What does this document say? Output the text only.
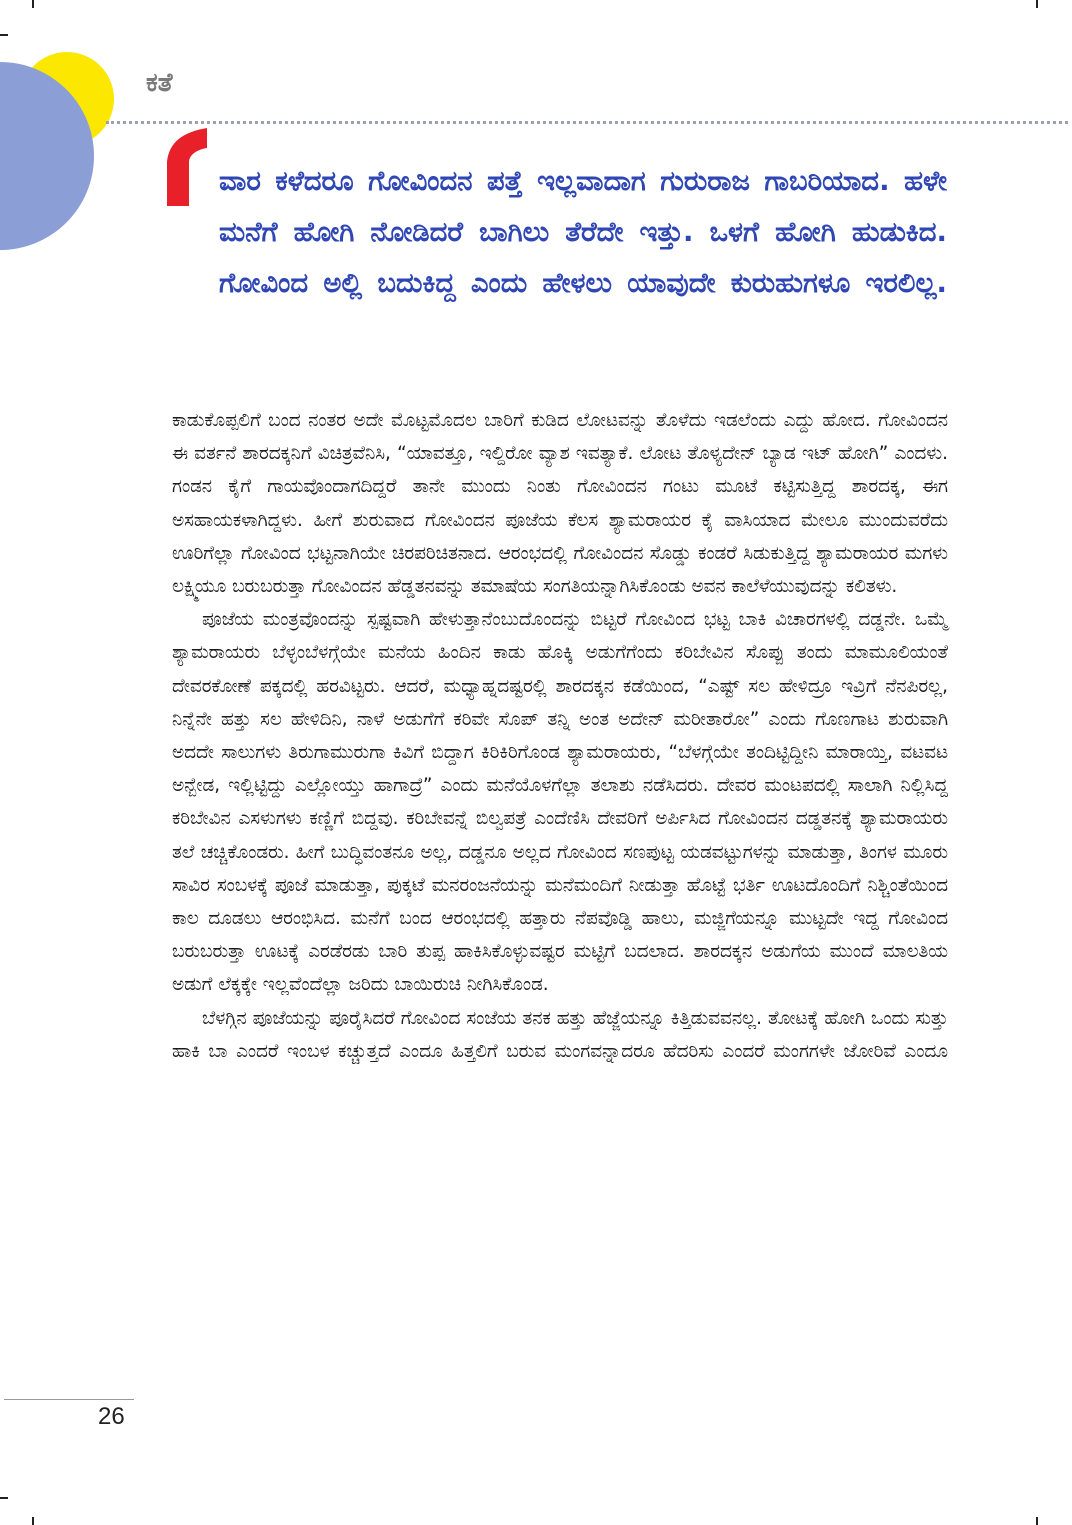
ಕತೆ
ವಾರ ಕಳೆದರೂ ಗೋವಿಂದನ ಪತ್ತೆ ಇಲ್ಲವಾದಾಗ ಗುರುರಾಜ ಗಾಬರಿಯಾದ. ಹಳೇ ಮನೆಗೆ ಹೋಗಿ ನೋಡಿದರೆ ಬಾಗಿಲು ತೆರೆದೇ ಇತ್ತು. ಒಳಗೆ ಹೋಗಿ ಹುಡುಕಿದ. ಗೋವಿಂದ ಅಲ್ಲಿ ಬದುಕಿದ್ದ ಎಂದು ಹೇಳಲು ಯಾವುದೇ ಕುರುಹುಗಳೂ ಇರಲಿಲ್ಲ.

ಕಾಡುಕೊಪ್ಪಲಿಗೆ ಬಂದ ನಂತರ ಅದೇ ಮೊಟ್ಟಮೊದಲ ಬಾರಿಗೆ ಕುಡಿದ ಲೋಟವನ್ನು ತೊಳೆದು ಇಡಲೆಂದು ಎದ್ದು ಹೋದ. ಗೋವಿಂದನ ಈ ವರ್ತನೆ ಶಾರದಕ್ಕನಿಗೆ ವಿಚಿತ್ರವೆನಿಸಿ, “ಯಾವತ್ತೂ, ಇಲ್ದಿರೋ ವ್ಯಾಶ ಇವತ್ಯಾಕೆ. ಲೋಟ ತೊಳ್ಯದೇನ್ ಬ್ಯಾಡ ಇಟ್ ಹೋಗಿ” ಎಂದಳು. ಗಂಡನ ಕೈಗೆ ಗಾಯವೊಂದಾಗದಿದ್ದರೆ ತಾನೇ ಮುಂದು ನಿಂತು ಗೋವಿಂದನ ಗಂಟು ಮೂಟೆ ಕಟ್ಟಿಸುತ್ತಿದ್ದ ಶಾರದಕ್ಕ, ಈಗ ಅಸಹಾಯಕಳಾಗಿದ್ದಳು. ಹೀಗೆ ಶುರುವಾದ ಗೋವಿಂದನ ಪೂಜೆಯ ಕೆಲಸ ಶ್ಯಾಮರಾಯರ ಕೈ ವಾಸಿಯಾದ ಮೇಲೂ ಮುಂದುವರೆದು ಊರಿಗೆಲ್ಲಾ ಗೋವಿಂದ ಭಟ್ಟನಾಗಿಯೇ ಚಿರಪರಿಚಿತನಾದ. ಆರಂಭದಲ್ಲಿ ಗೋವಿಂದನ ಸೊಡ್ಡು ಕಂಡರೆ ಸಿಡುಕುತ್ತಿದ್ದ ಶ್ಯಾಮರಾಯರ ಮಗಳು ಲಕ್ಷ್ಮಿಯೂ ಬರುಬರುತ್ತಾ ಗೋವಿಂದನ ಹೆಡ್ಡತನವನ್ನು ತಮಾಷೆಯ ಸಂಗತಿಯನ್ನಾಗಿಸಿಕೊಂಡು ಅವನ ಕಾಲೆಳೆಯುವುದನ್ನು ಕಲಿತಳು.

ಪೂಜೆಯ ಮಂತ್ರವೊಂದನ್ನು ಸ್ಪಷ್ಟವಾಗಿ ಹೇಳುತ್ತಾನೆಂಬುದೊಂದನ್ನು ಬಿಟ್ಟರೆ ಗೋವಿಂದ ಭಟ್ಟ ಬಾಕಿ ವಿಚಾರಗಳಲ್ಲಿ ದಡ್ಡನೇ. ಒಮ್ಮೆ ಶ್ಯಾಮರಾಯರು ಬೆಳ್ಳಂಬೆಳಗ್ಗೆಯೇ ಮನೆಯ ಹಿಂದಿನ ಕಾಡು ಹೊಕ್ಕಿ ಅಡುಗೆಗೆಂದು ಕರಿಬೇವಿನ ಸೊಪ್ಪು ತಂದು ಮಾಮೂಲಿಯಂತೆ ದೇವರಕೋಣೆ ಪಕ್ಕದಲ್ಲಿ ಹರವಿಟ್ಟರು. ಆದರೆ, ಮಧ್ಯಾಹ್ನದಷ್ಟರಲ್ಲಿ ಶಾರದಕ್ಕನ ಕಡೆಯಿಂದ, “ಎಷ್ಟ್ ಸಲ ಹೇಳಿದ್ರೂ ಇವ್ರಿಗೆ ನೆನಪಿರಲ್ಲ, ನಿನ್ನೆನೇ ಹತ್ತು ಸಲ ಹೇಳಿದಿನಿ, ನಾಳೆ ಅಡುಗೆಗೆ ಕರಿವೇ ಸೊಪ್ ತನ್ನಿ ಅಂತ ಅದೇನ್ ಮರೀತಾರೋ” ಎಂದು ಗೊಣಗಾಟ ಶುರುವಾಗಿ ಅದದೇ ಸಾಲುಗಳು ತಿರುಗಾಮುರುಗಾ ಕಿವಿಗೆ ಬಿದ್ದಾಗ ಕಿರಿಕಿರಿಗೊಂಡ ಶ್ಯಾಮರಾಯರು, “ಬೆಳಗ್ಗೆಯೇ ತಂದಿಟ್ಟಿದ್ದೀನಿ ಮಾರಾಯ್ತಿ, ವಟವಟ ಅನ್ಬೇಡ, ಇಲ್ಲಿಟ್ಟಿದ್ದು ಎಲ್ಲೋಯ್ತು ಹಾಗಾದ್ರೆ” ಎಂದು ಮನೆಯೊಳಗೆಲ್ಲಾ ತಲಾಶು ನಡೆಸಿದರು. ದೇವರ ಮಂಟಪದಲ್ಲಿ ಸಾಲಾಗಿ ನಿಲ್ಲಿಸಿದ್ದ ಕರಿಬೇವಿನ ಎಸಳುಗಳು ಕಣ್ಣಿಗೆ ಬಿದ್ದವು. ಕರಿಬೇವನ್ನೆ ಬಿಲ್ವಪತ್ರೆ ಎಂದೆಣಿಸಿ ದೇವರಿಗೆ ಅರ್ಪಿಸಿದ ಗೋವಿಂದನ ದಡ್ಡತನಕ್ಕೆ ಶ್ಯಾಮರಾಯರು ತಲೆ ಚಚ್ಚಿಕೊಂಡರು. ಹೀಗೆ ಬುದ್ಧಿವಂತನೂ ಅಲ್ಲ, ದಡ್ಡನೂ ಅಲ್ಲದ ಗೋವಿಂದ ಸಣಪುಟ್ಟ ಯಡವಟ್ಟುಗಳನ್ನು ಮಾಡುತ್ತಾ, ತಿಂಗಳ ಮೂರು ಸಾವಿರ ಸಂಬಳಕ್ಕೆ ಪೂಜೆ ಮಾಡುತ್ತಾ, ಪುಕ್ಕಟೆ ಮನರಂಜನೆಯನ್ನು ಮನೆಮಂದಿಗೆ ನೀಡುತ್ತಾ ಹೊಟ್ಟೆ ಭರ್ತಿ ಊಟದೊಂದಿಗೆ ನಿಶ್ಚಿಂತೆಯಿಂದ ಕಾಲ ದೂಡಲು ಆರಂಭಿಸಿದ. ಮನೆಗೆ ಬಂದ ಆರಂಭದಲ್ಲಿ ಹತ್ತಾರು ನೆಪವೊಡ್ಡಿ ಹಾಲು, ಮಜ್ಜಿಗೆಯನ್ನೂ ಮುಟ್ಟದೇ ಇದ್ದ ಗೋವಿಂದ ಬರುಬರುತ್ತಾ ಊಟಕ್ಕೆ ಎರಡೆರಡು ಬಾರಿ ತುಪ್ಪ ಹಾಕಿಸಿಕೊಳ್ಳುವಷ್ಟರ ಮಟ್ಟಿಗೆ ಬದಲಾದ. ಶಾರದಕ್ಕನ ಅಡುಗೆಯ ಮುಂದೆ ಮಾಲತಿಯ ಅಡುಗೆ ಲೆಕ್ಕಕ್ಕೇ ಇಲ್ಲವೆಂದೆಲ್ಲಾ ಜರಿದು ಬಾಯಿರುಚಿ ನೀಗಿಸಿಕೊಂಡ.

ಬೆಳಗ್ಗಿನ ಪೂಜೆಯನ್ನು ಪೂರೈಸಿದರೆ ಗೋವಿಂದ ಸಂಜೆಯ ತನಕ ಹತ್ತು ಹೆಜ್ಜೆಯನ್ನೂ ಕಿತ್ತಿಡುವವನಲ್ಲ. ತೋಟಕ್ಕೆ ಹೋಗಿ ಒಂದು ಸುತ್ತು ಹಾಕಿ ಬಾ ಎಂದರೆ ಇಂಬಳ ಕಚ್ಚುತ್ತದೆ ಎಂದೂ ಹಿತ್ತಲಿಗೆ ಬರುವ ಮಂಗವನ್ನಾದರೂ ಹೆದರಿಸು ಎಂದರೆ ಮಂಗಗಳೇ ಜೋರಿವೆ ಎಂದೂ

26
